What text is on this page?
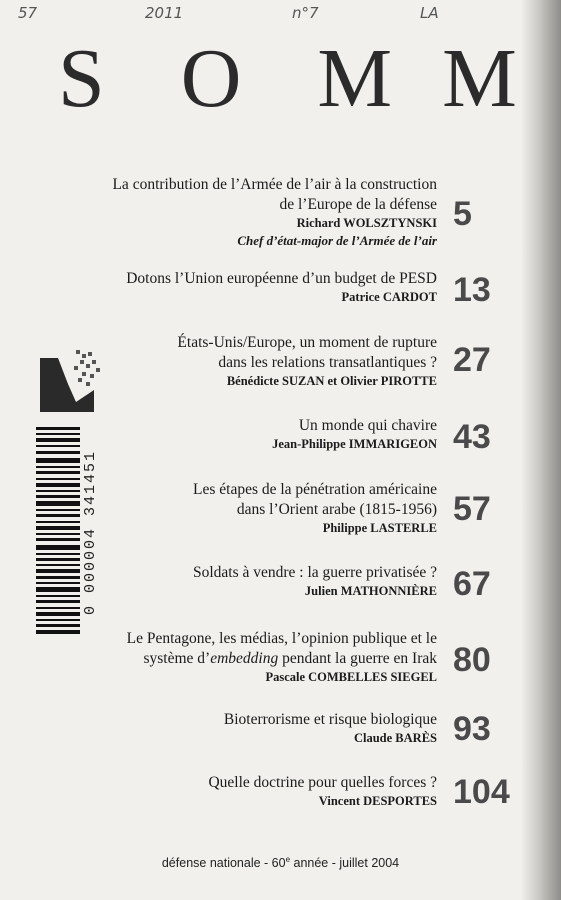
57	2011	n°7	LA
S O M M
0 000004 341451
La contribution de l’Armée de l’air à la construction
de l’Europe de la défense
Richard WOLSZTYNSKI
Chef d’état-major de l’Armée de l’air
5
Dotons l’Union européenne d’un budget de PESD
Patrice CARDOT 13
États-Unis/Europe, un moment de rupture
dans les relations transatlantiques ?
Bénédicte SUZAN et Olivier PIROTTE
27
Un monde qui chavire
Jean-Philippe IMMARIGEON 43
Les étapes de la pénétration américaine
dans l’Orient arabe (1815-1956)
Philippe LASTERLE 57
Soldats à vendre : la guerre privatisée ?
Julien MATHONNIÈRE 67
Le Pentagone, les médias, l’opinion publique et le
système d’embedding pendant la guerre en Irak
Pascale COMBELLES SIEGEL 80
Bioterrorisme et risque biologique
Claude BARÈS 93
Quelle doctrine pour quelles forces ?
Vincent DESPORTES 104
défense nationale - 60e année - juillet 2004
